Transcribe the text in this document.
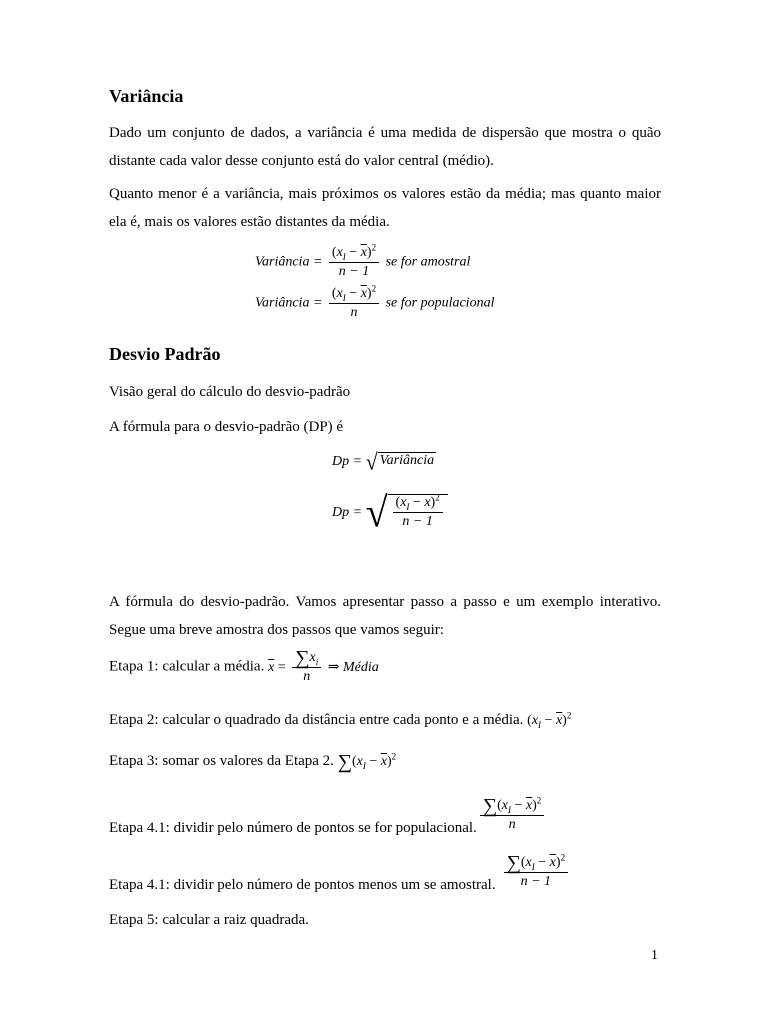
Variância

Dado um conjunto de dados, a variância é uma medida de dispersão que mostra o quão distante cada valor desse conjunto está do valor central (médio).

Quanto menor é a variância, mais próximos os valores estão da média; mas quanto maior ela é, mais os valores estão distantes da média.

Variância = $\frac{(x_I - \overline{x})^2}{n - 1}$ se for amostral
Variância = $\frac{(x_I - \overline{x})^2}{n}$ se for populacional
Desvio Padrão

Visão geral do cálculo do desvio-padrão

A fórmula para o desvio-padrão (DP) é

Dp = √ Variância
Dp = √ $\frac{(x_I - \overline{x})^2}{n - 1}$

A fórmula do desvio-padrão. Vamos apresentar passo a passo e um exemplo interativo. Segue uma breve amostra dos passos que vamos seguir:

Etapa 1: calcular a média. $\overline{x} = \frac{\sum x_i}{n}$ ⇒ Média
Etapa 2: calcular o quadrado da distância entre cada ponto e a média. $(x_I - \overline{x})^2$
Etapa 3: somar os valores da Etapa 2. $\sum(x_I - \overline{x})^2$
Etapa 4.1: dividir pelo número de pontos se for populacional. $\frac{\sum(x_I - \overline{x})^2}{n}$
Etapa 4.1: dividir pelo número de pontos menos um se amostral. $\frac{\sum(x_I - \overline{x})^2}{n - 1}$

Etapa 5: calcular a raiz quadrada.

1
